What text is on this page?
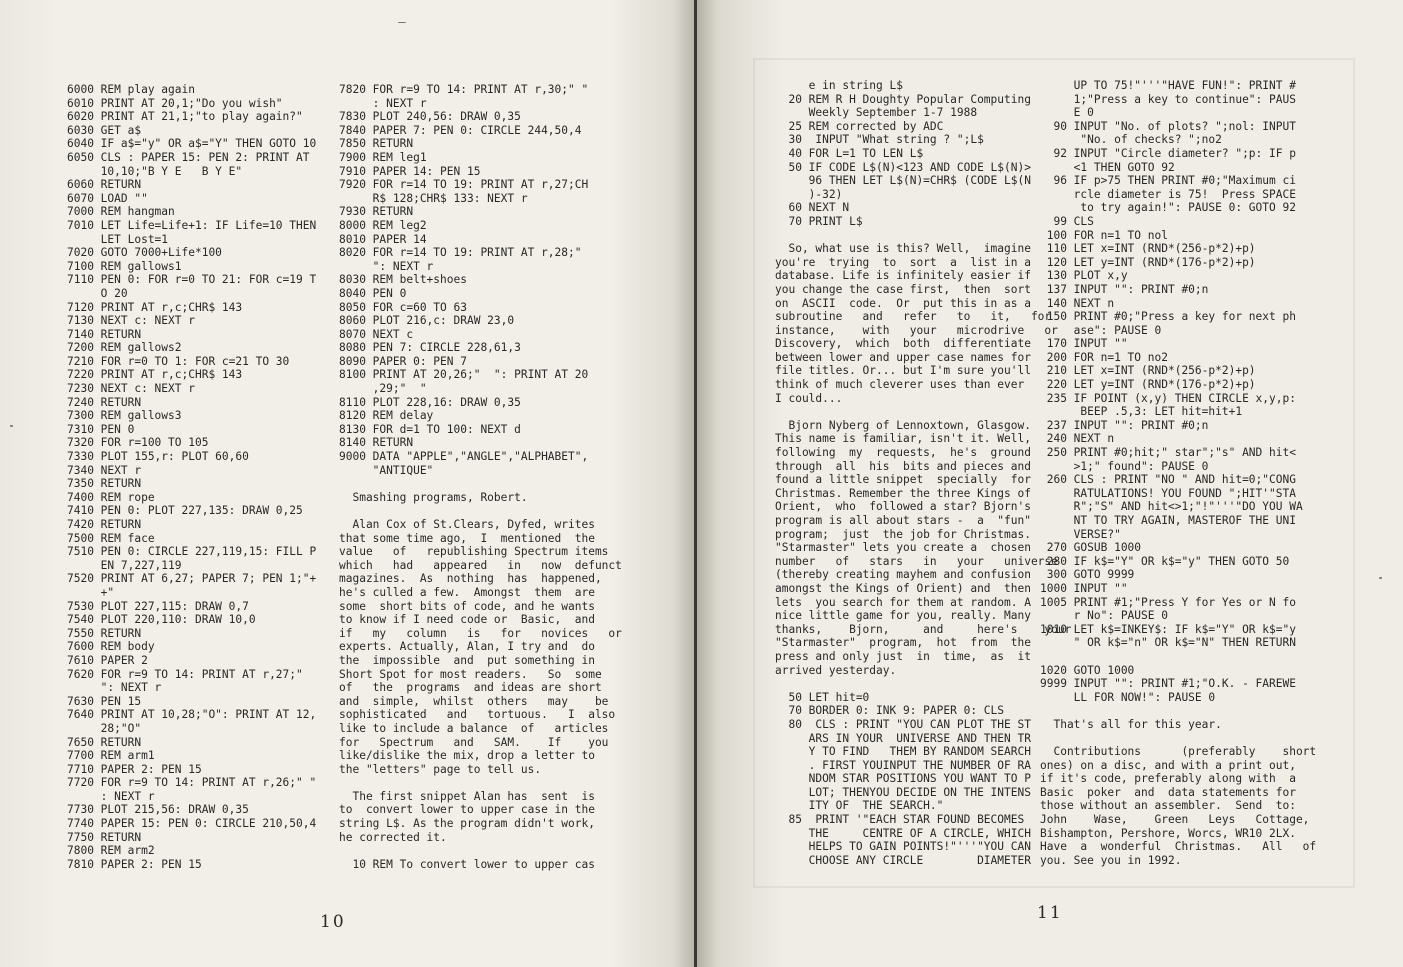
6000 REM play again
6010 PRINT AT 20,1;"Do you wish"
6020 PRINT AT 21,1;"to play again?"
6030 GET a$
6040 IF a$="y" OR a$="Y" THEN GOTO 10
6050 CLS : PAPER 15: PEN 2: PRINT AT
10,10;"B Y E   B Y E"
6060 RETURN
6070 LOAD ""
7000 REM hangman
7010 LET Life=Life+1: IF Life=10 THEN
LET Lost=1
7020 GOTO 7000+Life*100
7100 REM gallows1
7110 PEN 0: FOR r=0 TO 21: FOR c=19 T
O 20
7120 PRINT AT r,c;CHR$ 143
7130 NEXT c: NEXT r
7140 RETURN
7200 REM gallows2
7210 FOR r=0 TO 1: FOR c=21 TO 30
7220 PRINT AT r,c;CHR$ 143
7230 NEXT c: NEXT r
7240 RETURN
7300 REM gallows3
7310 PEN 0
7320 FOR r=100 TO 105
7330 PLOT 155,r: PLOT 60,60
7340 NEXT r
7350 RETURN
7400 REM rope
7410 PEN 0: PLOT 227,135: DRAW 0,25
7420 RETURN
7500 REM face
7510 PEN 0: CIRCLE 227,119,15: FILL P
EN 7,227,119
7520 PRINT AT 6,27; PAPER 7; PEN 1;"+
+"
7530 PLOT 227,115: DRAW 0,7
7540 PLOT 220,110: DRAW 10,0
7550 RETURN
7600 REM body
7610 PAPER 2
7620 FOR r=9 TO 14: PRINT AT r,27;"
": NEXT r
7630 PEN 15
7640 PRINT AT 10,28;"O": PRINT AT 12,
28;"O"
7650 RETURN
7700 REM arm1
7710 PAPER 2: PEN 15
7720 FOR r=9 TO 14: PRINT AT r,26;" "
: NEXT r
7730 PLOT 215,56: DRAW 0,35
7740 PAPER 15: PEN 0: CIRCLE 210,50,4
7750 RETURN
7800 REM arm2
7810 PAPER 2: PEN 15
7820 FOR r=9 TO 14: PRINT AT r,30;" "
: NEXT r
7830 PLOT 240,56: DRAW 0,35
7840 PAPER 7: PEN 0: CIRCLE 244,50,4
7850 RETURN
7900 REM leg1
7910 PAPER 14: PEN 15
7920 FOR r=14 TO 19: PRINT AT r,27;CH
R$ 128;CHR$ 133: NEXT r
7930 RETURN
8000 REM leg2
8010 PAPER 14
8020 FOR r=14 TO 19: PRINT AT r,28;"
": NEXT r
8030 REM belt+shoes
8040 PEN 0
8050 FOR c=60 TO 63
8060 PLOT 216,c: DRAW 23,0
8070 NEXT c
8080 PEN 7: CIRCLE 228,61,3
8090 PAPER 0: PEN 7
8100 PRINT AT 20,26;"  ": PRINT AT 20
,29;"  "
8110 PLOT 228,16: DRAW 0,35
8120 REM delay
8130 FOR d=1 TO 100: NEXT d
8140 RETURN
9000 DATA "APPLE","ANGLE","ALPHABET",
"ANTIQUE"
Smashing programs, Robert.
Alan Cox of St.Clears, Dyfed, writes
that some time ago,  I  mentioned  the
value   of   republishing Spectrum items
which   had   appeared   in   now  defunct
magazines.  As  nothing  has  happened,
he's culled a few.  Amongst  them  are
some  short bits of code, and he wants
to know if I need code or  Basic,  and
if   my   column   is   for   novices   or
experts. Actually, Alan, I try and  do
the  impossible  and  put something in
Short Spot for most readers.   So  some
of   the  programs  and ideas are short
and  simple,  whilst  others   may    be
sophisticated   and   tortuous.   I  also
like to include a balance  of   articles
for   Spectrum   and   SAM.    If    you
like/dislike the mix, drop a letter to
the "letters" page to tell us.
The first snippet Alan has  sent  is
to  convert lower to upper case in the
string L$. As the program didn't work,
he corrected it.
10 REM To convert lower to upper cas
10
e in string L$
20 REM R H Doughty Popular Computing
Weekly September 1-7 1988
25 REM corrected by ADC
30  INPUT "What string ? ";L$
40 FOR L=1 TO LEN L$
50 IF CODE L$(N)<123 AND CODE L$(N)>
96 THEN LET L$(N)=CHR$ (CODE L$(N
)-32)
60 NEXT N
70 PRINT L$
So, what use is this? Well,  imagine
you're  trying  to  sort  a  list in a
database. Life is infinitely easier if
you change the case first,  then  sort
on  ASCII  code.  Or  put this in as a
subroutine   and   refer   to   it,   for
instance,    with   your   microdrive   or
Discovery,  which  both  differentiate
between lower and upper case names for
file titles. Or... but I'm sure you'll
think of much cleverer uses than ever
I could...
Bjorn Nyberg of Lennoxtown, Glasgow.
This name is familiar, isn't it. Well,
following  my  requests,  he's  ground
through  all  his  bits and pieces and
found a little snippet  specially  for
Christmas. Remember the three Kings of
Orient,  who  followed a star? Bjorn's
program is all about stars -  a  "fun"
program;  just  the job for Christmas.
"Starmaster" lets you create a  chosen
number   of   stars   in   your   universe
(thereby creating mayhem and confusion
amongst the Kings of Orient) and  then
lets  you search for them at random. A
nice little game for you, really. Many
thanks,    Bjorn,     and     here's    your
"Starmaster"  program,  hot  from  the
press and only just  in  time,  as  it
arrived yesterday.
50 LET hit=0
70 BORDER 0: INK 9: PAPER 0: CLS
80  CLS : PRINT "YOU CAN PLOT THE ST
ARS IN YOUR  UNIVERSE AND THEN TR
Y TO FIND   THEM BY RANDOM SEARCH
. FIRST YOUINPUT THE NUMBER OF RA
NDOM STAR POSITIONS YOU WANT TO P
LOT; THENYOU DECIDE ON THE INTENS
ITY OF  THE SEARCH."
85  PRINT '"EACH STAR FOUND BECOMES
THE     CENTRE OF A CIRCLE, WHICH
HELPS TO GAIN POINTS!"'''"YOU CAN
CHOOSE ANY CIRCLE        DIAMETER
UP TO 75!"'''"HAVE FUN!": PRINT #
1;"Press a key to continue": PAUS
E 0
90 INPUT "No. of plots? ";nol: INPUT
"No. of checks? ";no2
92 INPUT "Circle diameter? ";p: IF p
<1 THEN GOTO 92
96 IF p>75 THEN PRINT #0;"Maximum ci
rcle diameter is 75!  Press SPACE
to try again!": PAUSE 0: GOTO 92
99 CLS
100 FOR n=1 TO nol
110 LET x=INT (RND*(256-p*2)+p)
120 LET y=INT (RND*(176-p*2)+p)
130 PLOT x,y
137 INPUT "": PRINT #0;n
140 NEXT n
150 PRINT #0;"Press a key for next ph
ase": PAUSE 0
170 INPUT ""
200 FOR n=1 TO no2
210 LET x=INT (RND*(256-p*2)+p)
220 LET y=INT (RND*(176-p*2)+p)
235 IF POINT (x,y) THEN CIRCLE x,y,p:
BEEP .5,3: LET hit=hit+1
237 INPUT "": PRINT #0;n
240 NEXT n
250 PRINT #0;hit;" star";"s" AND hit<
>1;" found": PAUSE 0
260 CLS : PRINT "NO " AND hit=0;"CONG
RATULATIONS! YOU FOUND ";HIT'"STA
R";"S" AND hit<>1;"!"'''"DO YOU WA
NT TO TRY AGAIN, MASTEROF THE UNI
VERSE?"
270 GOSUB 1000
280 IF k$="Y" OR k$="y" THEN GOTO 50
300 GOTO 9999
1000 INPUT ""
1005 PRINT #1;"Press Y for Yes or N fo
r No": PAUSE 0
1010 LET k$=INKEY$: IF k$="Y" OR k$="y
" OR k$="n" OR k$="N" THEN RETURN
1020 GOTO 1000
9999 INPUT "": PRINT #1;"O.K. - FAREWE
LL FOR NOW!": PAUSE 0
That's all for this year.
Contributions      (preferably    short
ones) on a disc, and with a print out,
if it's code, preferably along with  a
Basic  poker  and  data statements for
those without an assembler.  Send  to:
John    Wase,    Green   Leys   Cottage,
Bishampton, Pershore, Worcs, WR10 2LX.
Have  a  wonderful  Christmas.   All   of
you. See you in 1992.
11
